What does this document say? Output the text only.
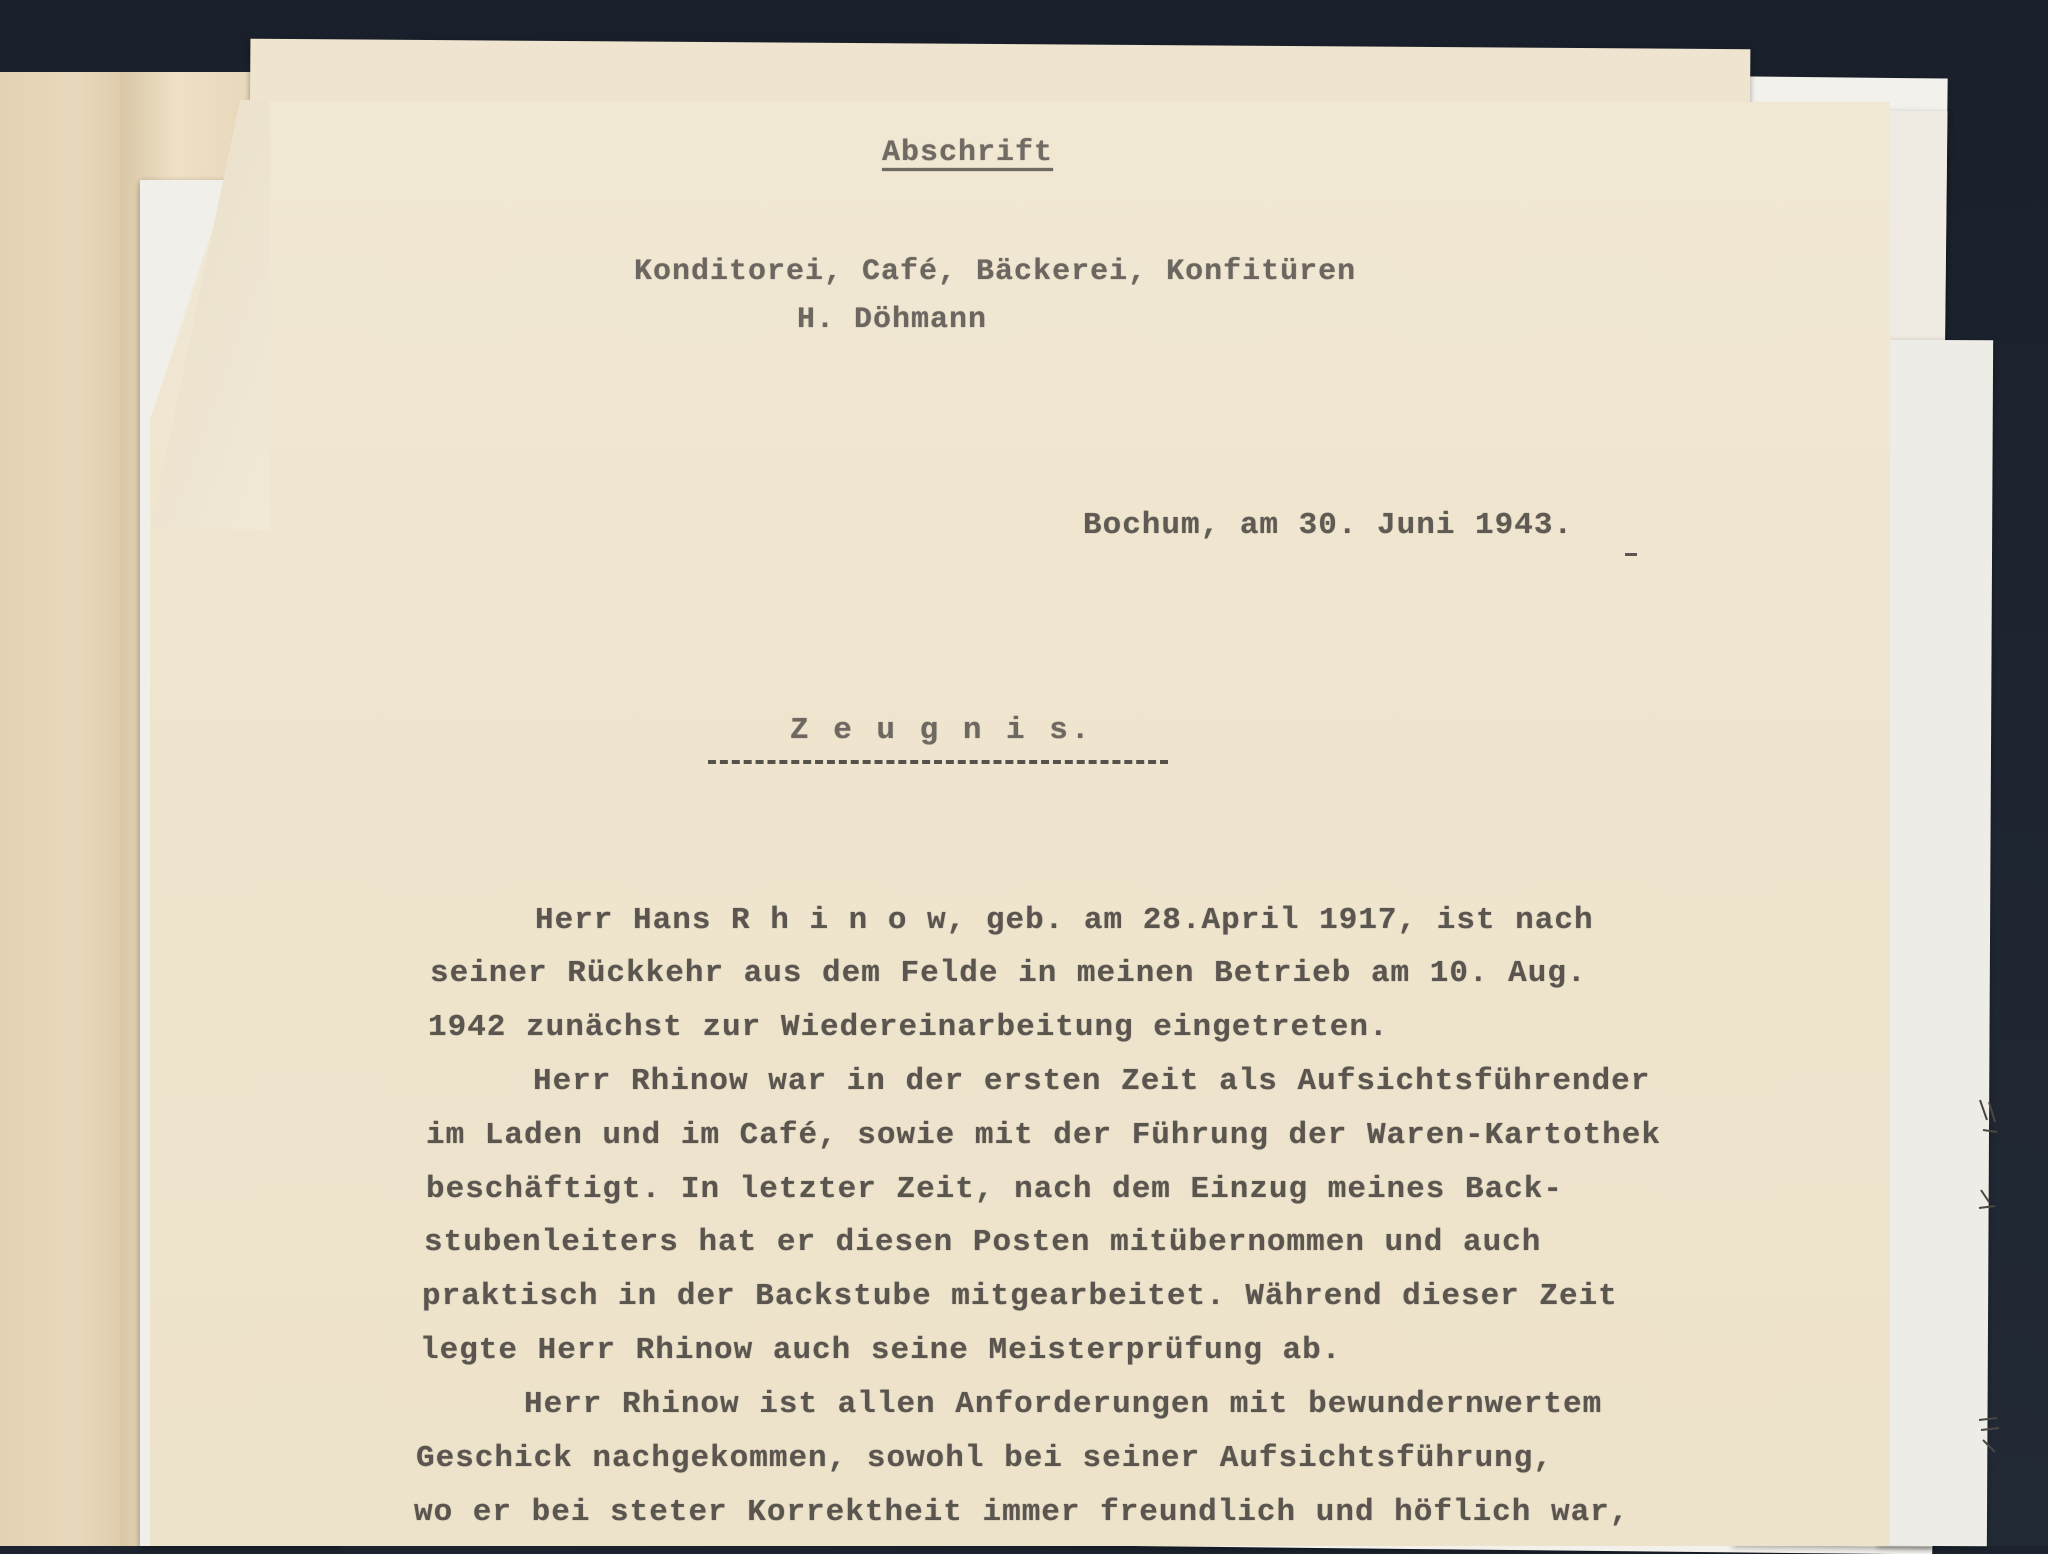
Abschrift
Konditorei, Café, Bäckerei, Konfitüren
H. Döhmann
Bochum, am 30. Juni 1943.
Z e u g n i s.
Herr Hans R h i n o w, geb. am 28.April 1917, ist nach
seiner Rückkehr aus dem Felde in meinen Betrieb am 10. Aug.
1942 zunächst zur Wiedereinarbeitung eingetreten.
Herr Rhinow war in der ersten Zeit als Aufsichtsführender
im Laden und im Café, sowie mit der Führung der Waren-Kartothek
beschäftigt. In letzter Zeit, nach dem Einzug meines Back-
stubenleiters hat er diesen Posten mitübernommen und auch
praktisch in der Backstube mitgearbeitet. Während dieser Zeit
legte Herr Rhinow auch seine Meisterprüfung ab.
Herr Rhinow ist allen Anforderungen mit bewundernwertem
Geschick nachgekommen, sowohl bei seiner Aufsichtsführung,
wo er bei steter Korrektheit immer freundlich und höflich war,
